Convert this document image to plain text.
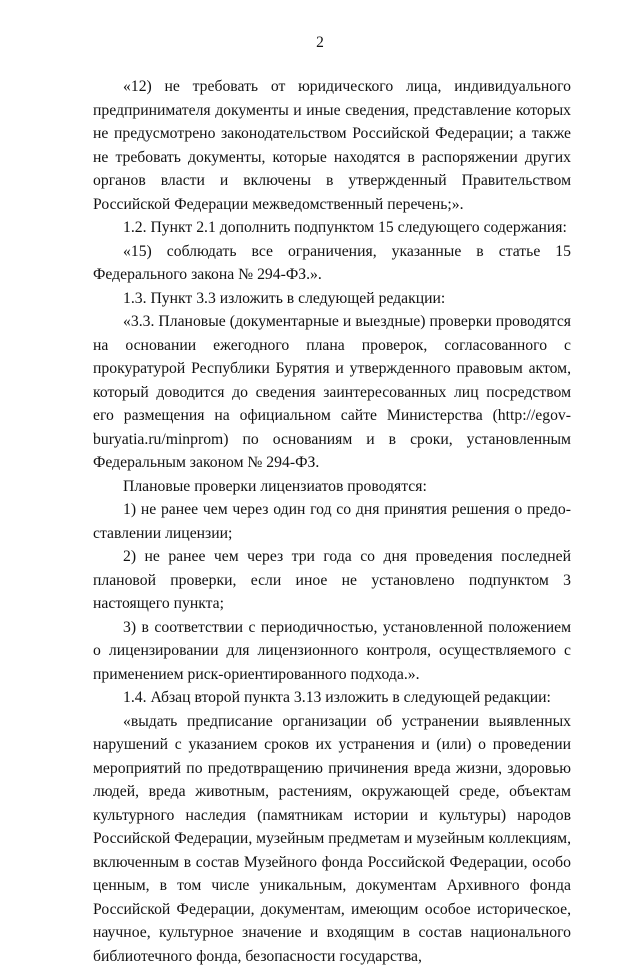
2

«12) не требовать от юридического лица, индивидуального предпринимателя документы и иные сведения, представление которых не предусмотрено законодательством Российской Федерации; а также не требовать документы, которые находятся в распоряжении других органов власти и включены в утвержденный Правительством Российской Федерации межведомственный перечень;».

1.2. Пункт 2.1 дополнить подпунктом 15 следующего содержания:

«15) соблюдать все ограничения, указанные в статье 15 Федерального закона № 294-ФЗ.».

1.3. Пункт 3.3 изложить в следующей редакции:

«3.3. Плановые (документарные и выездные) проверки проводятся на основании ежегодного плана проверок, согласованного с прокуратурой Республики Бурятия и утвержденного правовым актом, который доводится до сведения заинтересованных лиц посредством его размещения на официальном сайте Министерства (http://egov-buryatia.ru/minprom) по основаниям и в сроки, установленным Федеральным законом № 294-ФЗ.

Плановые проверки лицензиатов проводятся:

1) не ранее чем через один год со дня принятия решения о предоставлении лицензии;

2) не ранее чем через три года со дня проведения последней плановой проверки, если иное не установлено подпунктом 3 настоящего пункта;

3) в соответствии с периодичностью, установленной положением о лицензировании для лицензионного контроля, осуществляемого с применением риск-ориентированного подхода.».

1.4. Абзац второй пункта 3.13 изложить в следующей редакции:

«выдать предписание организации об устранении выявленных нарушений с указанием сроков их устранения и (или) о проведении мероприятий по предотвращению причинения вреда жизни, здоровью людей, вреда животным, растениям, окружающей среде, объектам культурного наследия (памятникам истории и культуры) народов Российской Федерации, музейным предметам и музейным коллекциям, включенным в состав Музейного фонда Российской Федерации, особо ценным, в том числе уникальным, документам Архивного фонда Российской Федерации, документам, имеющим особое историческое, научное, культурное значение и входящим в состав национального библиотечного фонда, безопасности государства,
